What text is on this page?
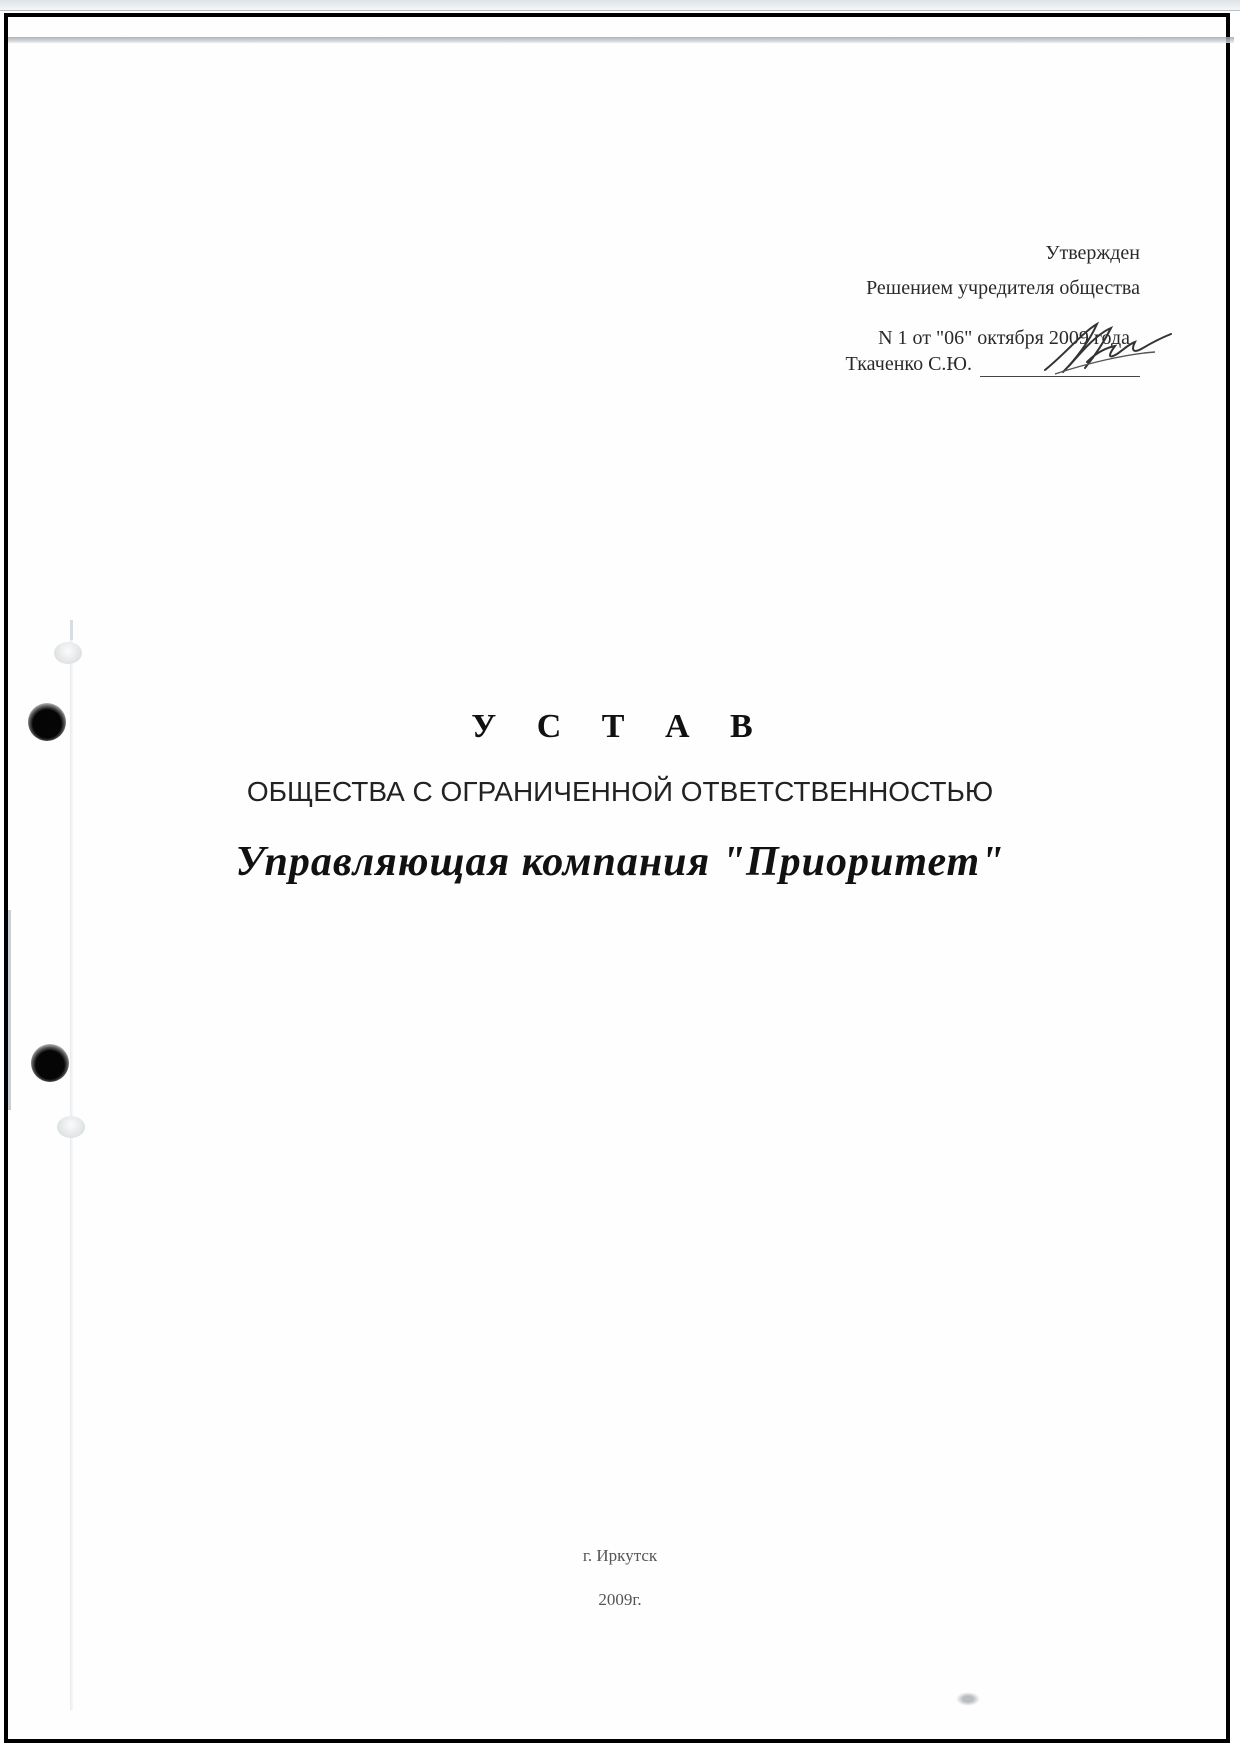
Утвержден
Решением учредителя общества
N 1 от "06" октября 2009 года
Ткаченко С.Ю.
У С Т А В
ОБЩЕСТВА С ОГРАНИЧЕННОЙ ОТВЕТСТВЕННОСТЬЮ
Управляющая компания "Приоритет"
г. Иркутск
2009г.
